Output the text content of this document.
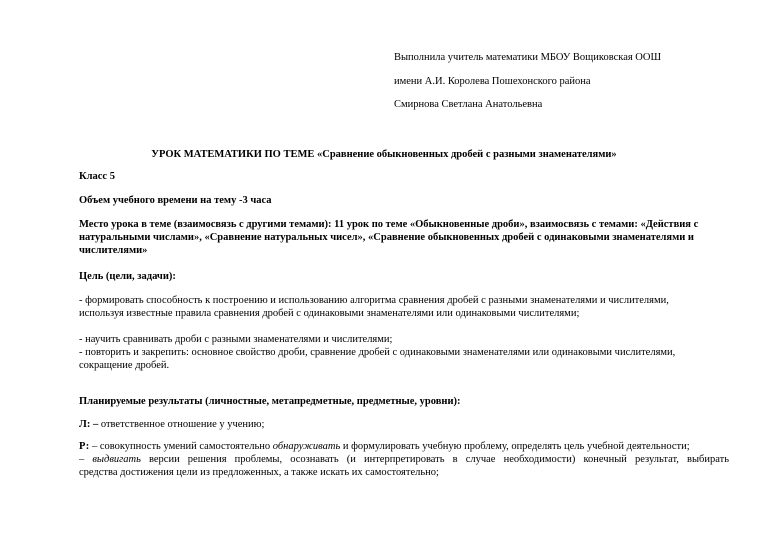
Выполнила учитель математики МБОУ Вощиковская ООШ
имени А.И. Королева Пошехонского района
Смирнова Светлана Анатольевна
УРОК МАТЕМАТИКИ ПО ТЕМЕ «Сравнение обыкновенных дробей с разными знаменателями»
Класс 5
Объем учебного времени на тему -3 часа
Место урока в теме (взаимосвязь с другими темами): 11 урок по теме «Обыкновенные дроби», взаимосвязь с темами: «Действия с
натуральными числами», «Сравнение натуральных чисел», «Сравнение обыкновенных дробей с одинаковыми знаменателями и
числителями»
Цель (цели, задачи):
- формировать способность к построению и использованию алгоритма сравнения дробей с разными знаменателями и числителями,
используя известные правила сравнения дробей с одинаковыми знаменателями или одинаковыми числителями;
- научить сравнивать дроби с разными знаменателями и числителями;
- повторить и закрепить: основное свойство дроби, сравнение дробей с одинаковыми знаменателями или одинаковыми числителями,
сокращение дробей.
Планируемые результаты (личностные, метапредметные, предметные, уровни):
Л: – ответственное отношение у учению;
Р: – совокупность умений самостоятельно обнаруживать и формулировать учебную проблему, определять цель учебной деятельности;
– выдвигать версии решения проблемы, осознавать (и интерпретировать в случае необходимости) конечный результат, выбирать
средства достижения цели из предложенных, а также искать их самостоятельно;
